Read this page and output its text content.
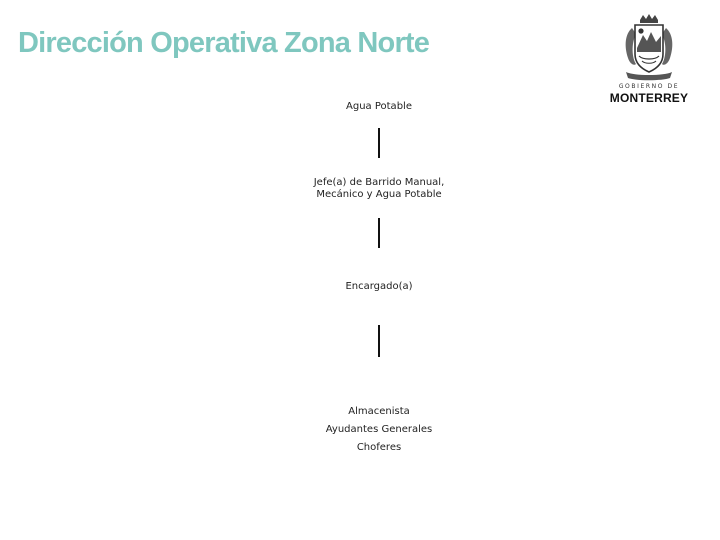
Dirección Operativa Zona Norte
GOBIERNO DE
MONTERREY
Agua Potable
Jefe(a) de Barrido Manual,
Mecánico y Agua Potable
Encargado(a)
Almacenista
Ayudantes Generales
Choferes
